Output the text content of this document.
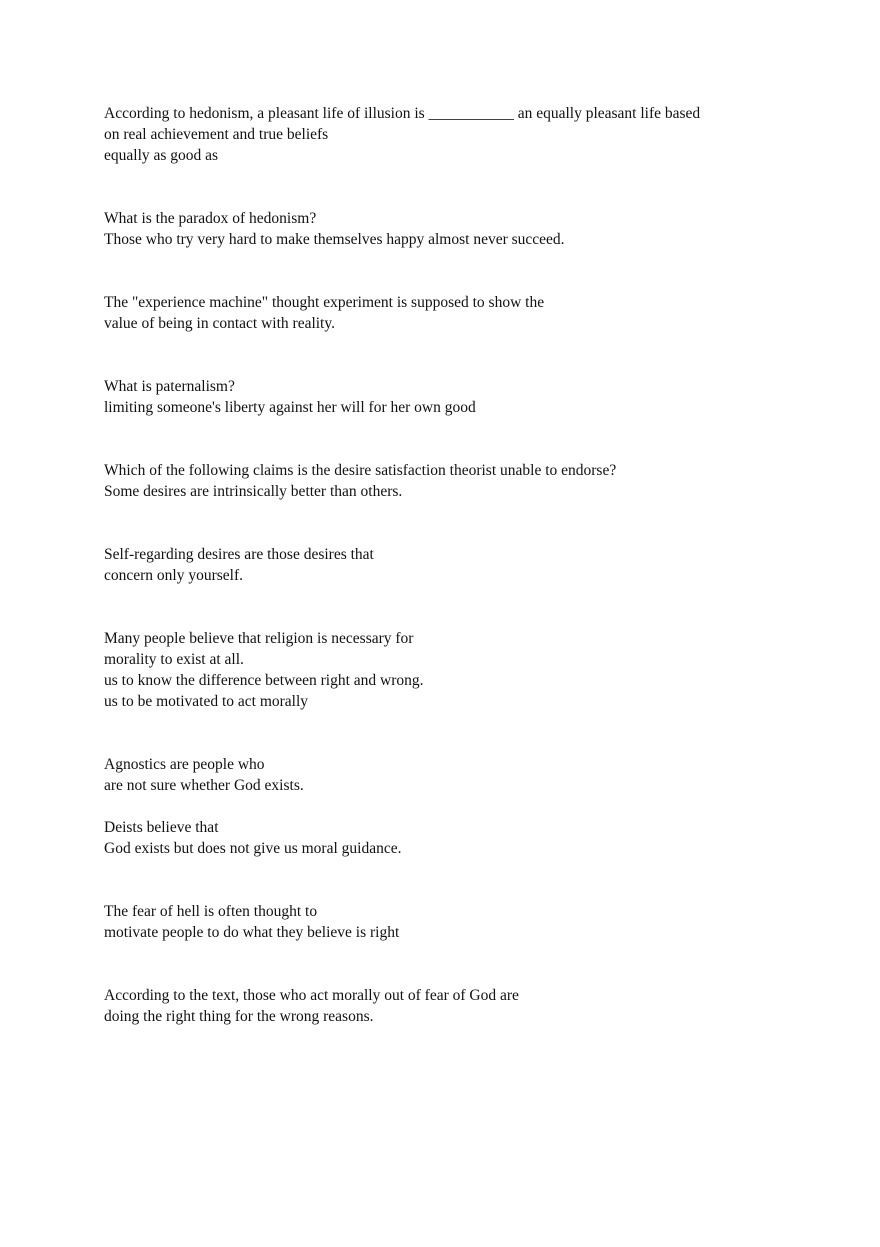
According to hedonism, a pleasant life of illusion is ___________ an equally pleasant life based
on real achievement and true beliefs
equally as good as
What is the paradox of hedonism?
Those who try very hard to make themselves happy almost never succeed.
The "experience machine" thought experiment is supposed to show the
value of being in contact with reality.
What is paternalism?
limiting someone's liberty against her will for her own good
Which of the following claims is the desire satisfaction theorist unable to endorse?
Some desires are intrinsically better than others.
Self-regarding desires are those desires that
concern only yourself.
Many people believe that religion is necessary for
morality to exist at all.
us to know the difference between right and wrong.
us to be motivated to act morally
Agnostics are people who
are not sure whether God exists.
Deists believe that
God exists but does not give us moral guidance.
The fear of hell is often thought to
motivate people to do what they believe is right
According to the text, those who act morally out of fear of God are
doing the right thing for the wrong reasons.
